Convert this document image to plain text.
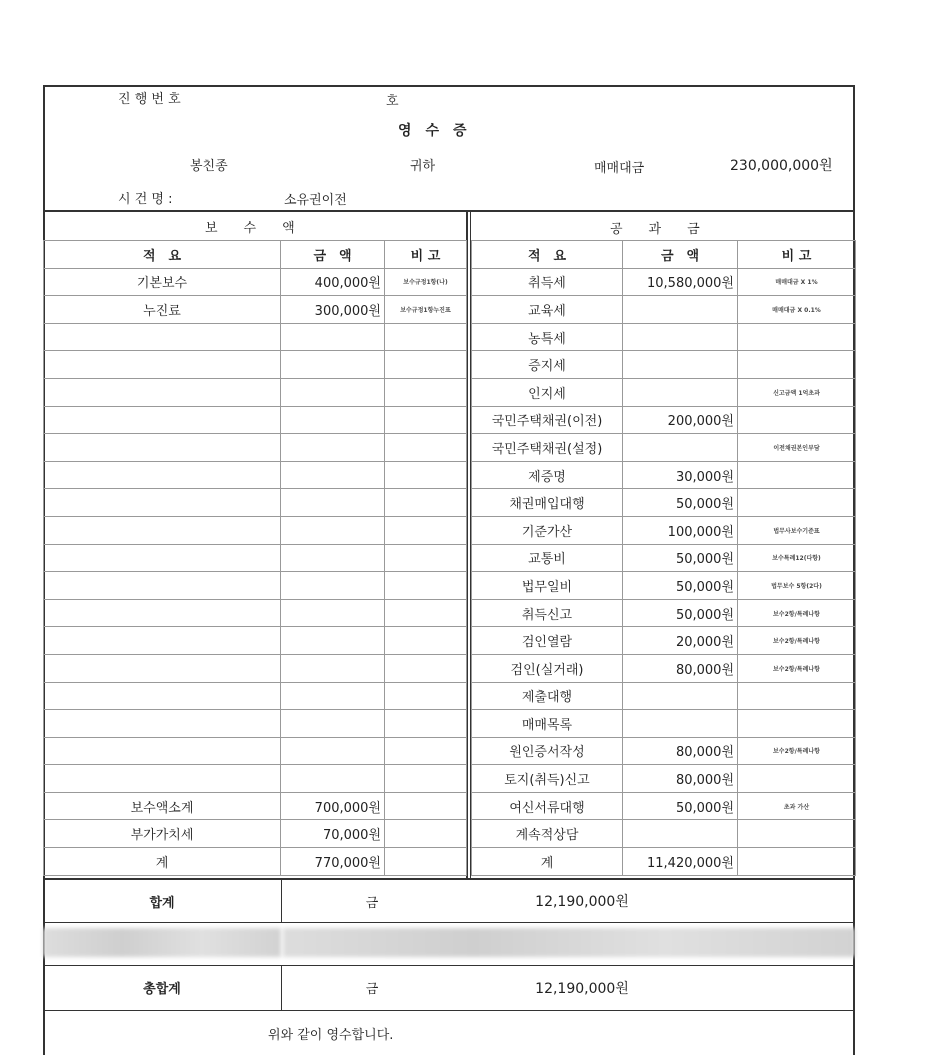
진 행 번 호	호
영　수　증
봉친종	귀하	매매대금	230,000,000원
시 건 명 :	소유권이전
보　　수　　액	공　　과　　금
적　요	금　액	비 고
기본보수	400,000원	보수규정1항(나)
누진료	300,000원	보수규정1항누진표

보수액소계	700,000원	
부가가치세	70,000원	
계	770,000원	
적　요	금　액	비 고
취득세	10,580,000원	매매대금 X 1%
교육세		매매대금 X 0.1%
농특세		
증지세		
인지세		신고금액 1억초과
국민주택채권(이전)	200,000원	
국민주택채권(설정)		이전채권본인부담
제증명	30,000원	
채권매입대행	50,000원	
기준가산	100,000원	법무사보수기준표
교통비	50,000원	보수특례12(다항)
법무일비	50,000원	법무보수 5항(2다)
취득신고	50,000원	보수2항/특례나항
검인열람	20,000원	보수2항/특례나항
검인(실거래)	80,000원	보수2항/특례나항
제출대행		
매매목록		
원인증서작성	80,000원	보수2항/특례나항
토지(취득)신고	80,000원	
여신서류대행	50,000원	초과 가산
계속적상담		
계	11,420,000원	
합계	금	12,190,000원
총합계	금	12,190,000원
위와 같이 영수합니다.
